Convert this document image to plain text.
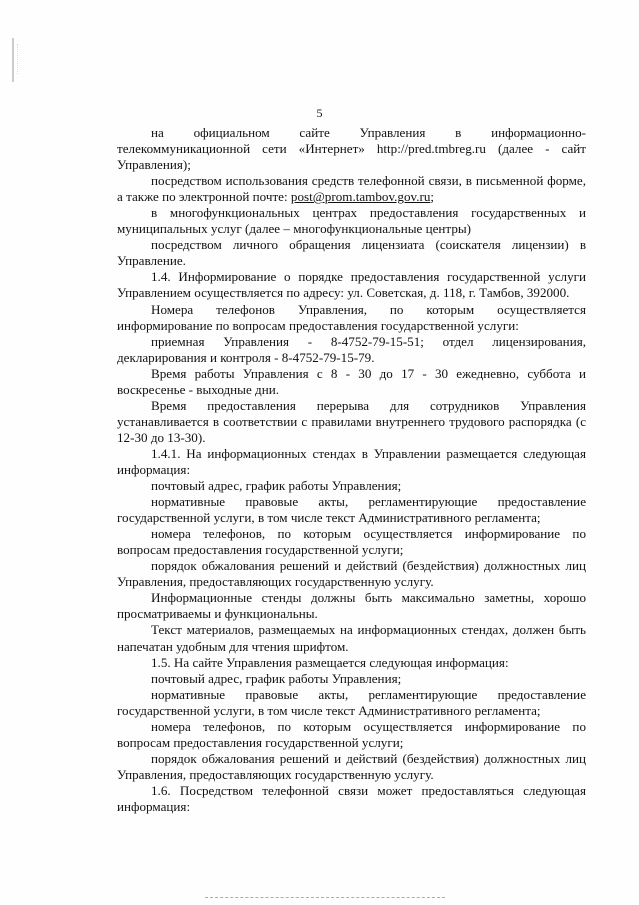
5

на официальном сайте Управления в информационно-телекоммуникационной сети «Интернет» http://pred.tmbreg.ru (далее - сайт Управления);

посредством использования средств телефонной связи, в письменной форме, а также по электронной почте: post@prom.tambov.gov.ru;

в многофункциональных центрах предоставления государственных и муниципальных услуг (далее – многофункциональные центры)

посредством личного обращения лицензиата (соискателя лицензии) в Управление.

1.4. Информирование о порядке предоставления государственной услуги Управлением осуществляется по адресу: ул. Советская, д. 118, г. Тамбов, 392000.

Номера телефонов Управления, по которым осуществляется информирование по вопросам предоставления государственной услуги:

приемная Управления - 8-4752-79-15-51; отдел лицензирования, декларирования и контроля - 8-4752-79-15-79.

Время работы Управления с 8 - 30 до 17 - 30 ежедневно, суббота и воскресенье - выходные дни.

Время предоставления перерыва для сотрудников Управления устанавливается в соответствии с правилами внутреннего трудового распорядка (с 12-30 до 13-30).

1.4.1. На информационных стендах в Управлении размещается следующая информация:

почтовый адрес, график работы Управления;

нормативные правовые акты, регламентирующие предоставление государственной услуги, в том числе текст Административного регламента;

номера телефонов, по которым осуществляется информирование по вопросам предоставления государственной услуги;

порядок обжалования решений и действий (бездействия) должностных лиц Управления, предоставляющих государственную услугу.

Информационные стенды должны быть максимально заметны, хорошо просматриваемы и функциональны.

Текст материалов, размещаемых на информационных стендах, должен быть напечатан удобным для чтения шрифтом.

1.5. На сайте Управления размещается следующая информация:

почтовый адрес, график работы Управления;

нормативные правовые акты, регламентирующие предоставление государственной услуги, в том числе текст Административного регламента;

номера телефонов, по которым осуществляется информирование по вопросам предоставления государственной услуги;

порядок обжалования решений и действий (бездействия) должностных лиц Управления, предоставляющих государственную услугу.

1.6. Посредством телефонной связи может предоставляться следующая информация:
